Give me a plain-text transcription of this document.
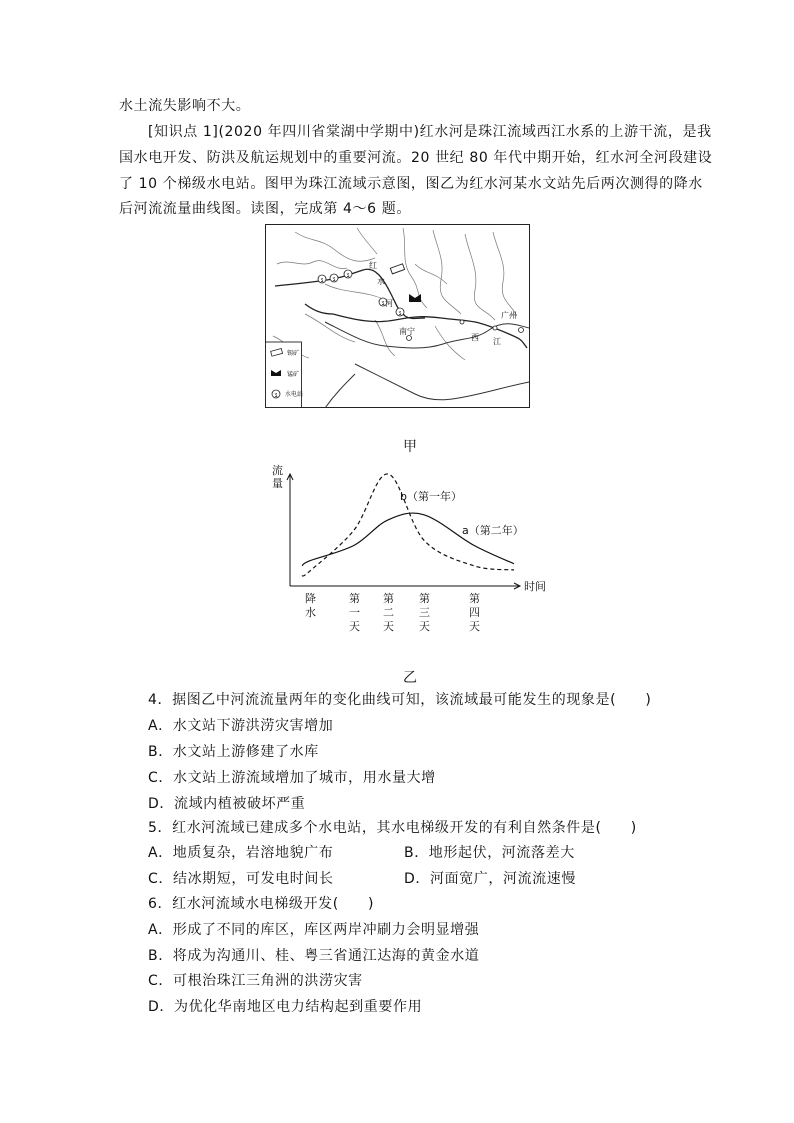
水土流失影响不大。
[知识点 1](2020 年四川省棠湖中学期中)红水河是珠江流域西江水系的上游干流，是我
国水电开发、防洪及航运规划中的重要河流。20 世纪 80 年代中期开始，红水河全河段建设
了 10 个梯级水电站。图甲为珠江流域示意图，图乙为红水河某水文站先后两次测得的降水
后河流流量曲线图。读图，完成第 4～6 题。
ʓ ʓ
ʓ
ʓ
ʓ
红
水
河
南宁
广州
西 江
锡矿
锰矿
ʓ 水电站
甲
流
量
时间
降
水
第
一
天
第
二
天
第
三
天
第
四
天
b（第一年）
a（第二年）
乙
4．据图乙中河流流量两年的变化曲线可知，该流域最可能发生的现象是(　　)
A．水文站下游洪涝灾害增加
B．水文站上游修建了水库
C．水文站上游流域增加了城市，用水量大增
D．流域内植被破坏严重
5．红水河流域已建成多个水电站，其水电梯级开发的有利自然条件是(　　)
A．地质复杂，岩溶地貌广布	B．地形起伏，河流落差大
C．结冰期短，可发电时间长	D．河面宽广，河流流速慢
6．红水河流域水电梯级开发(　　)
A．形成了不同的库区，库区两岸冲刷力会明显增强
B．将成为沟通川、桂、粤三省通江达海的黄金水道
C．可根治珠江三角洲的洪涝灾害
D．为优化华南地区电力结构起到重要作用
